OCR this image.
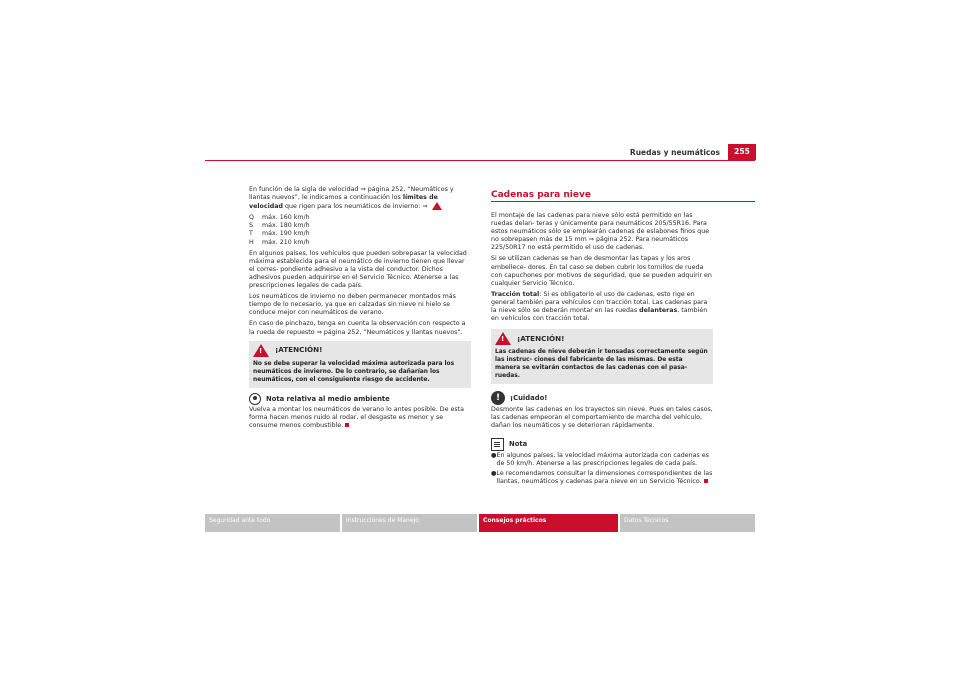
Ruedas y neumáticos	255

En función de la sigla de velocidad ⇒ página 252, “Neumáticos y llantas nuevos”, le indicamos a continuación los límites de velocidad que rigen para los neumáticos de invierno: ⇒

Q	máx. 160 km/h
S	máx. 180 km/h
T	máx. 190 km/h
H	máx. 210 km/h

En algunos países, los vehículos que pueden sobrepasar la velocidad máxima establecida para el neumático de invierno tienen que llevar el corres- pondiente adhesivo a la vista del conductor. Dichos adhesivos pueden adquirirse en el Servicio Técnico. Atenerse a las prescripciones legales de cada país.

Los neumáticos de invierno no deben permanecer montados más tiempo de lo necesario, ya que en calzadas sin nieve ni hielo se conduce mejor con neumáticos de verano.

En caso de pinchazo, tenga en cuenta la observación con respecto a la rueda de repuesto ⇒ página 252, “Neumáticos y llantas nuevos”.

! ¡ATENCIÓN!
No se debe superar la velocidad máxima autorizada para los neumáticos de invierno. De lo contrario, se dañarían los neumáticos, con el consiguiente riesgo de accidente.
Nota relativa al medio ambiente

Vuelva a montar los neumáticos de verano lo antes posible. De esta forma hacen menos ruido al rodar, el desgaste es menor y se consume menos combustible.

Cadenas para nieve

El montaje de las cadenas para nieve sólo está permitido en las ruedas delan- teras y únicamente para neumáticos 205/55R16. Para estos neumáticos sólo se emplearán cadenas de eslabones finos que no sobrepasen más de 15 mm ⇒ página 252. Para neumáticos 225/50R17 no está permitido el uso de cadenas.

Si se utilizan cadenas se han de desmontar las tapas y los aros embellece- dores. En tal caso se deben cubrir los tornillos de rueda con capuchones por motivos de seguridad, que se pueden adquirir en cualquier Servicio Técnico.

Tracción total: Si es obligatorio el uso de cadenas, esto rige en general también para vehículos con tracción total. Las cadenas para la nieve sólo se deberán montar en las ruedas delanteras, también en vehículos con tracción total.

! ¡ATENCIÓN!
Las cadenas de nieve deberán ir tensadas correctamente según las instruc- ciones del fabricante de las mismas. De esta manera se evitarán contactos de las cadenas con el pasa-ruedas.
!	¡Cuidado!

Desmonte las cadenas en los trayectos sin nieve. Pues en tales casos, las cadenas empeoran el comportamiento de marcha del vehículo, dañan los neumáticos y se deterioran rápidamente.

Nota
● En algunos países, la velocidad máxima autorizada con cadenas es de 50 km/h. Atenerse a las prescripciones legales de cada país.
● Le recomendamos consultar la dimensiones correspondientes de las llantas, neumáticos y cadenas para nieve en un Servicio Técnico.
Seguridad ante todo	Instrucciones de Manejo	Consejos prácticos	Datos Técnicos
